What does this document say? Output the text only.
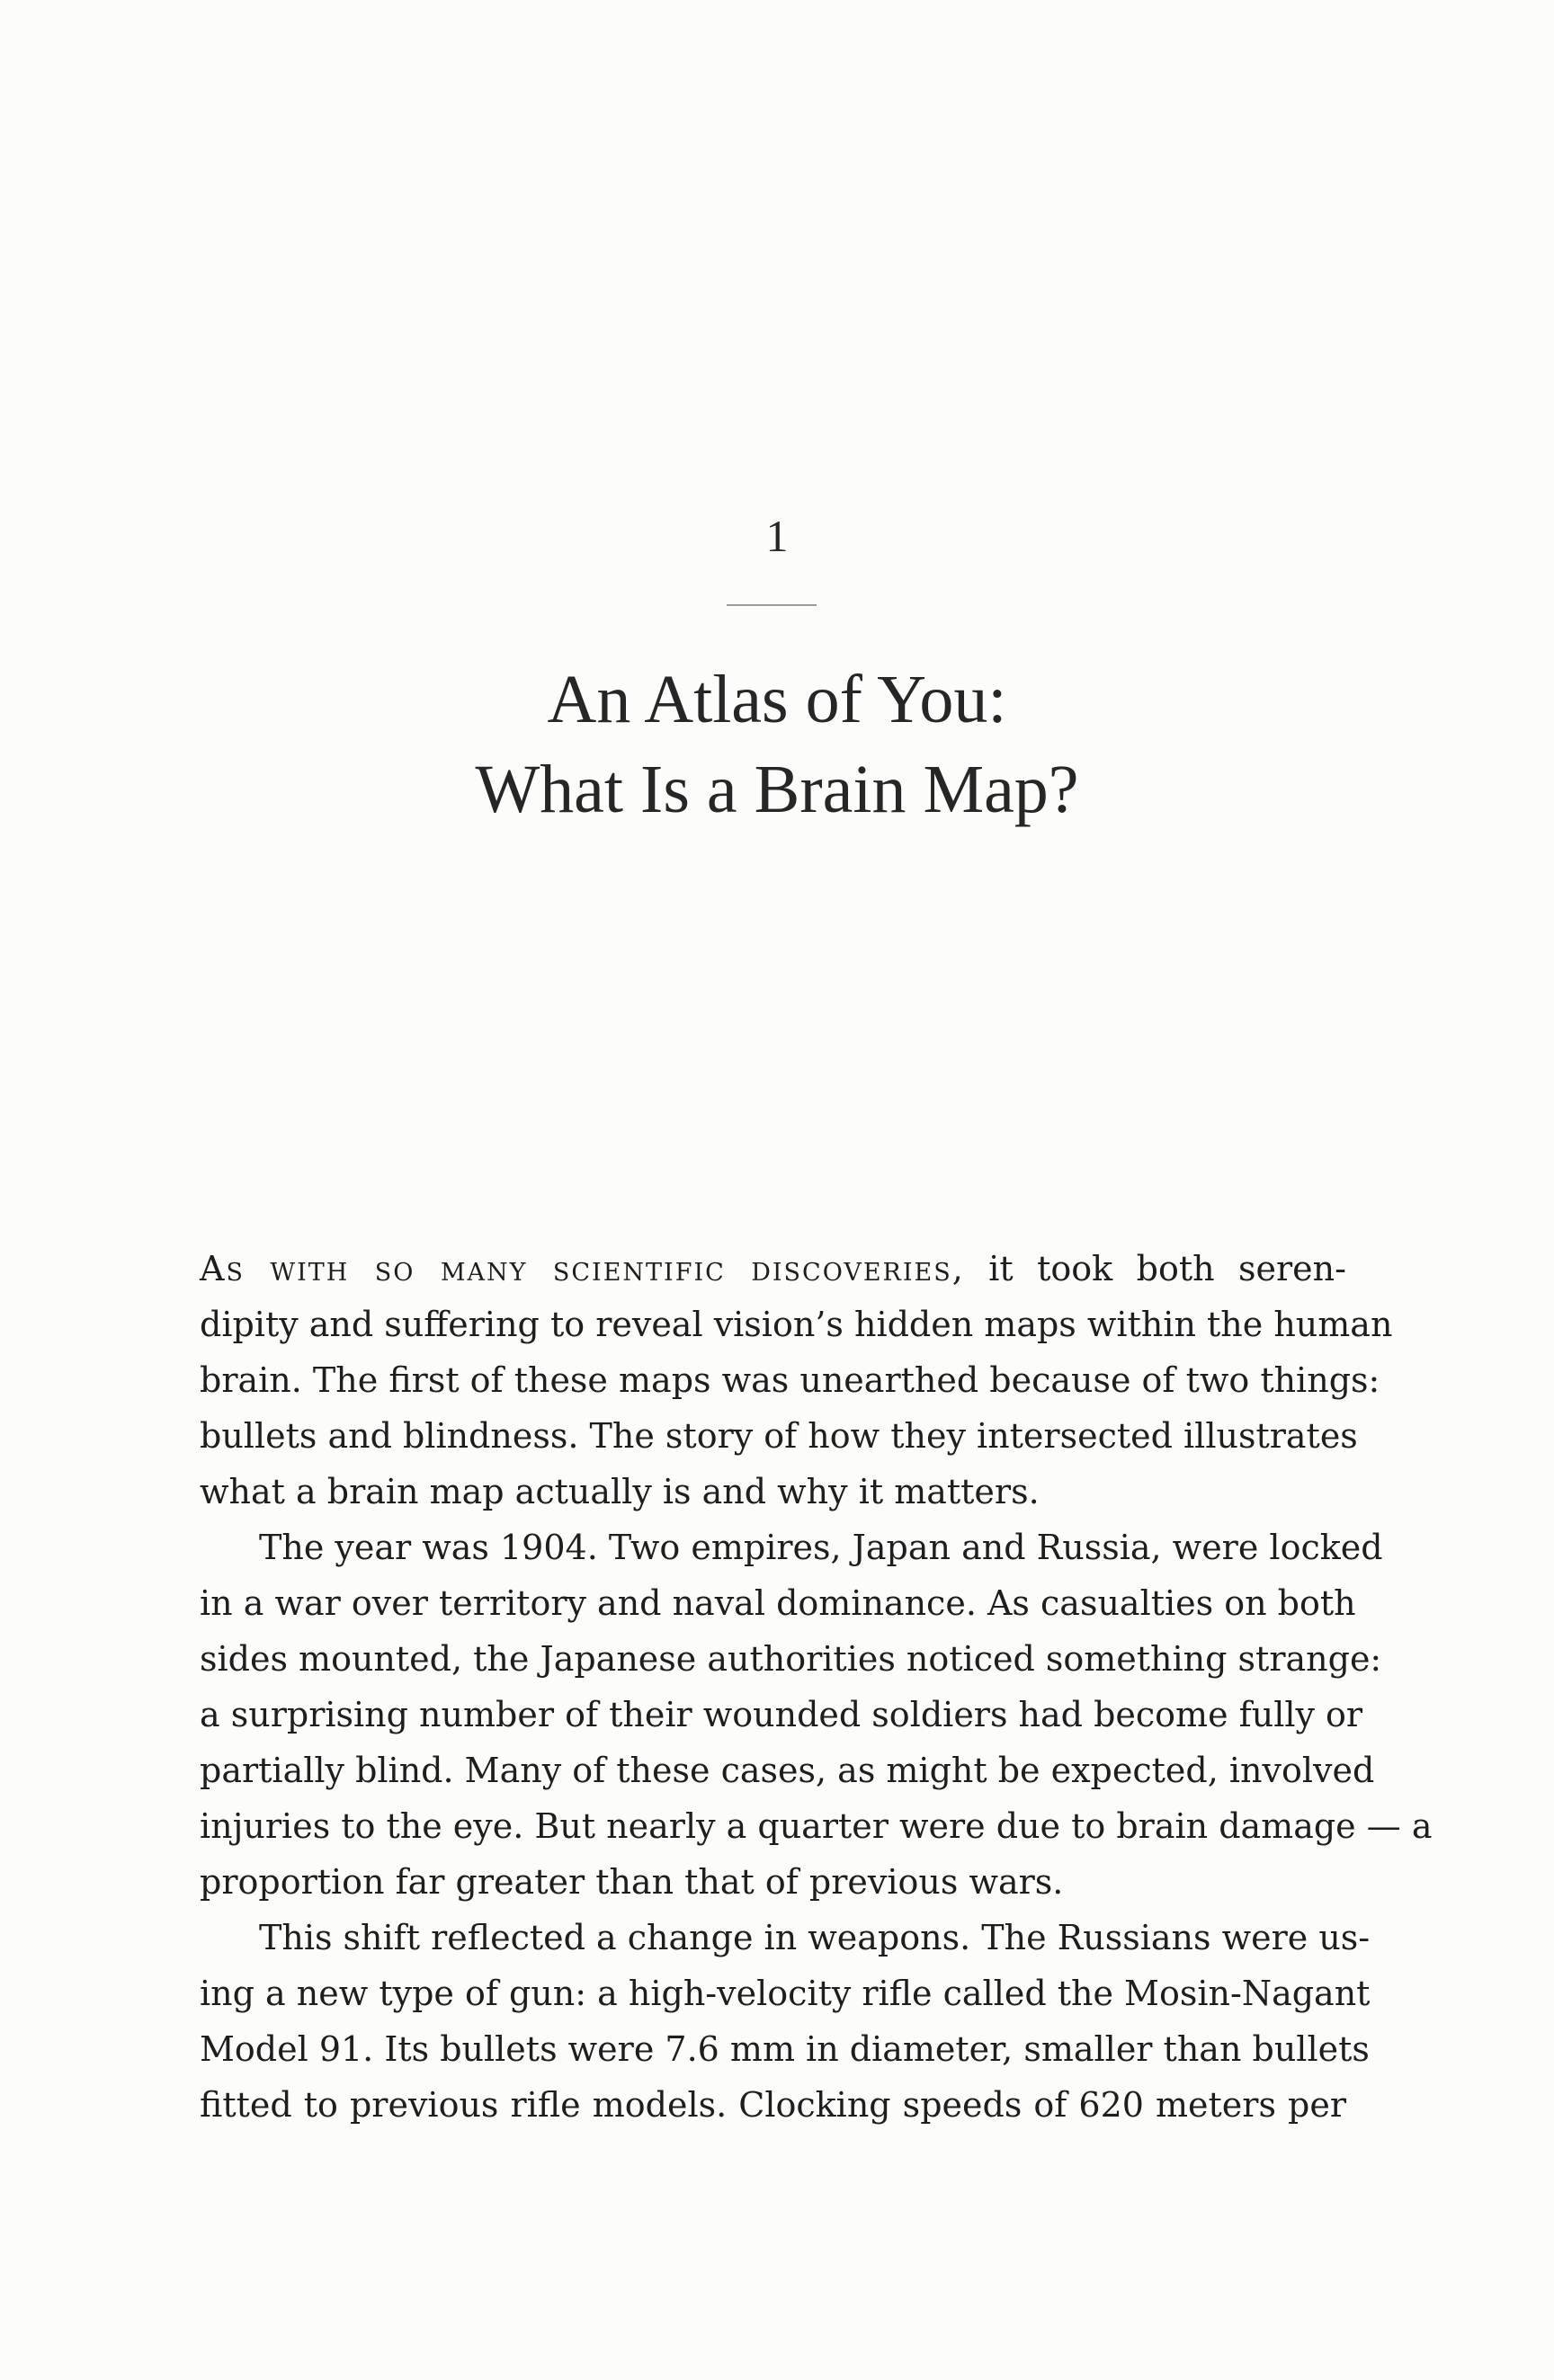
1
An Atlas of You:
What Is a Brain Map?
As with so many scientific discoveries, it took both seren-
dipity and suffering to reveal vision’s hidden maps within the human
brain. The first of these maps was unearthed because of two things:
bullets and blindness. The story of how they intersected illustrates
what a brain map actually is and why it matters.
The year was 1904. Two empires, Japan and Russia, were locked
in a war over territory and naval dominance. As casualties on both
sides mounted, the Japanese authorities noticed something strange:
a surprising number of their wounded soldiers had become fully or
partially blind. Many of these cases, as might be expected, involved
injuries to the eye. But nearly a quarter were due to brain damage — a
proportion far greater than that of previous wars.
This shift reflected a change in weapons. The Russians were us-
ing a new type of gun: a high-velocity rifle called the Mosin-Nagant
Model 91. Its bullets were 7.6 mm in diameter, smaller than bullets
fitted to previous rifle models. Clocking speeds of 620 meters per
